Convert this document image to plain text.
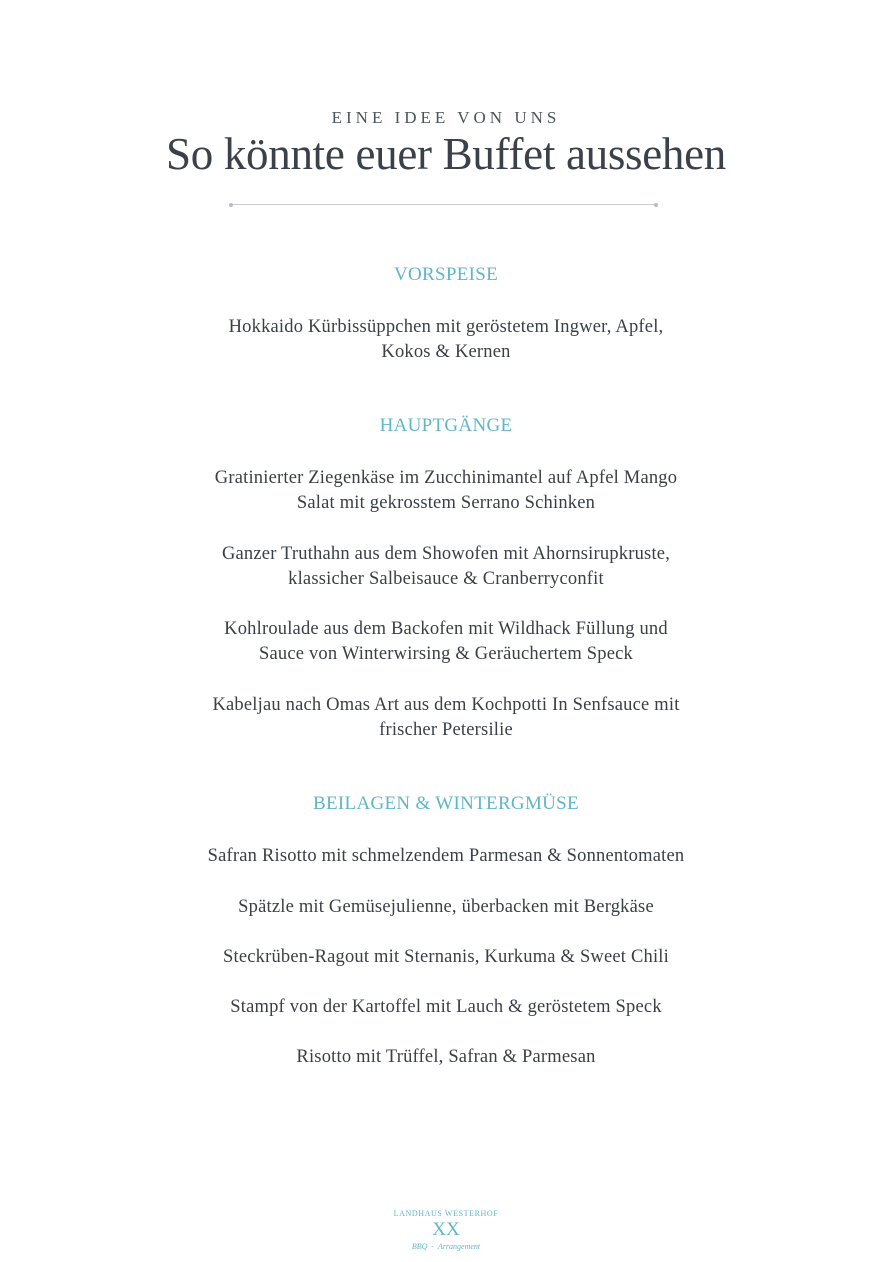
EINE IDEE VON UNS
So könnte euer Buffet aussehen
VORSPEISE
Hokkaido Kürbissüppchen mit geröstetem Ingwer, Apfel,
Kokos & Kernen
HAUPTGÄNGE
Gratinierter Ziegenkäse im Zucchinimantel auf Apfel Mango
Salat mit gekrosstem Serrano Schinken
Ganzer Truthahn aus dem Showofen mit Ahornsirupkruste,
klassicher Salbeisauce & Cranberryconfit
Kohlroulade aus dem Backofen mit Wildhack Füllung und
Sauce von Winterwirsing & Geräuchertem Speck
Kabeljau nach Omas Art aus dem Kochpotti In Senfsauce mit
frischer Petersilie
BEILAGEN & WINTERGMÜSE
Safran Risotto mit schmelzendem Parmesan & Sonnentomaten
Spätzle mit Gemüsejulienne, überbacken mit Bergkäse
Steckrüben-Ragout mit Sternanis, Kurkuma & Sweet Chili
Stampf von der Kartoffel mit Lauch & geröstetem Speck
Risotto mit Trüffel, Safran & Parmesan
LANDHAUS WESTERHOF
XX
BBQ  -  Arrangement
